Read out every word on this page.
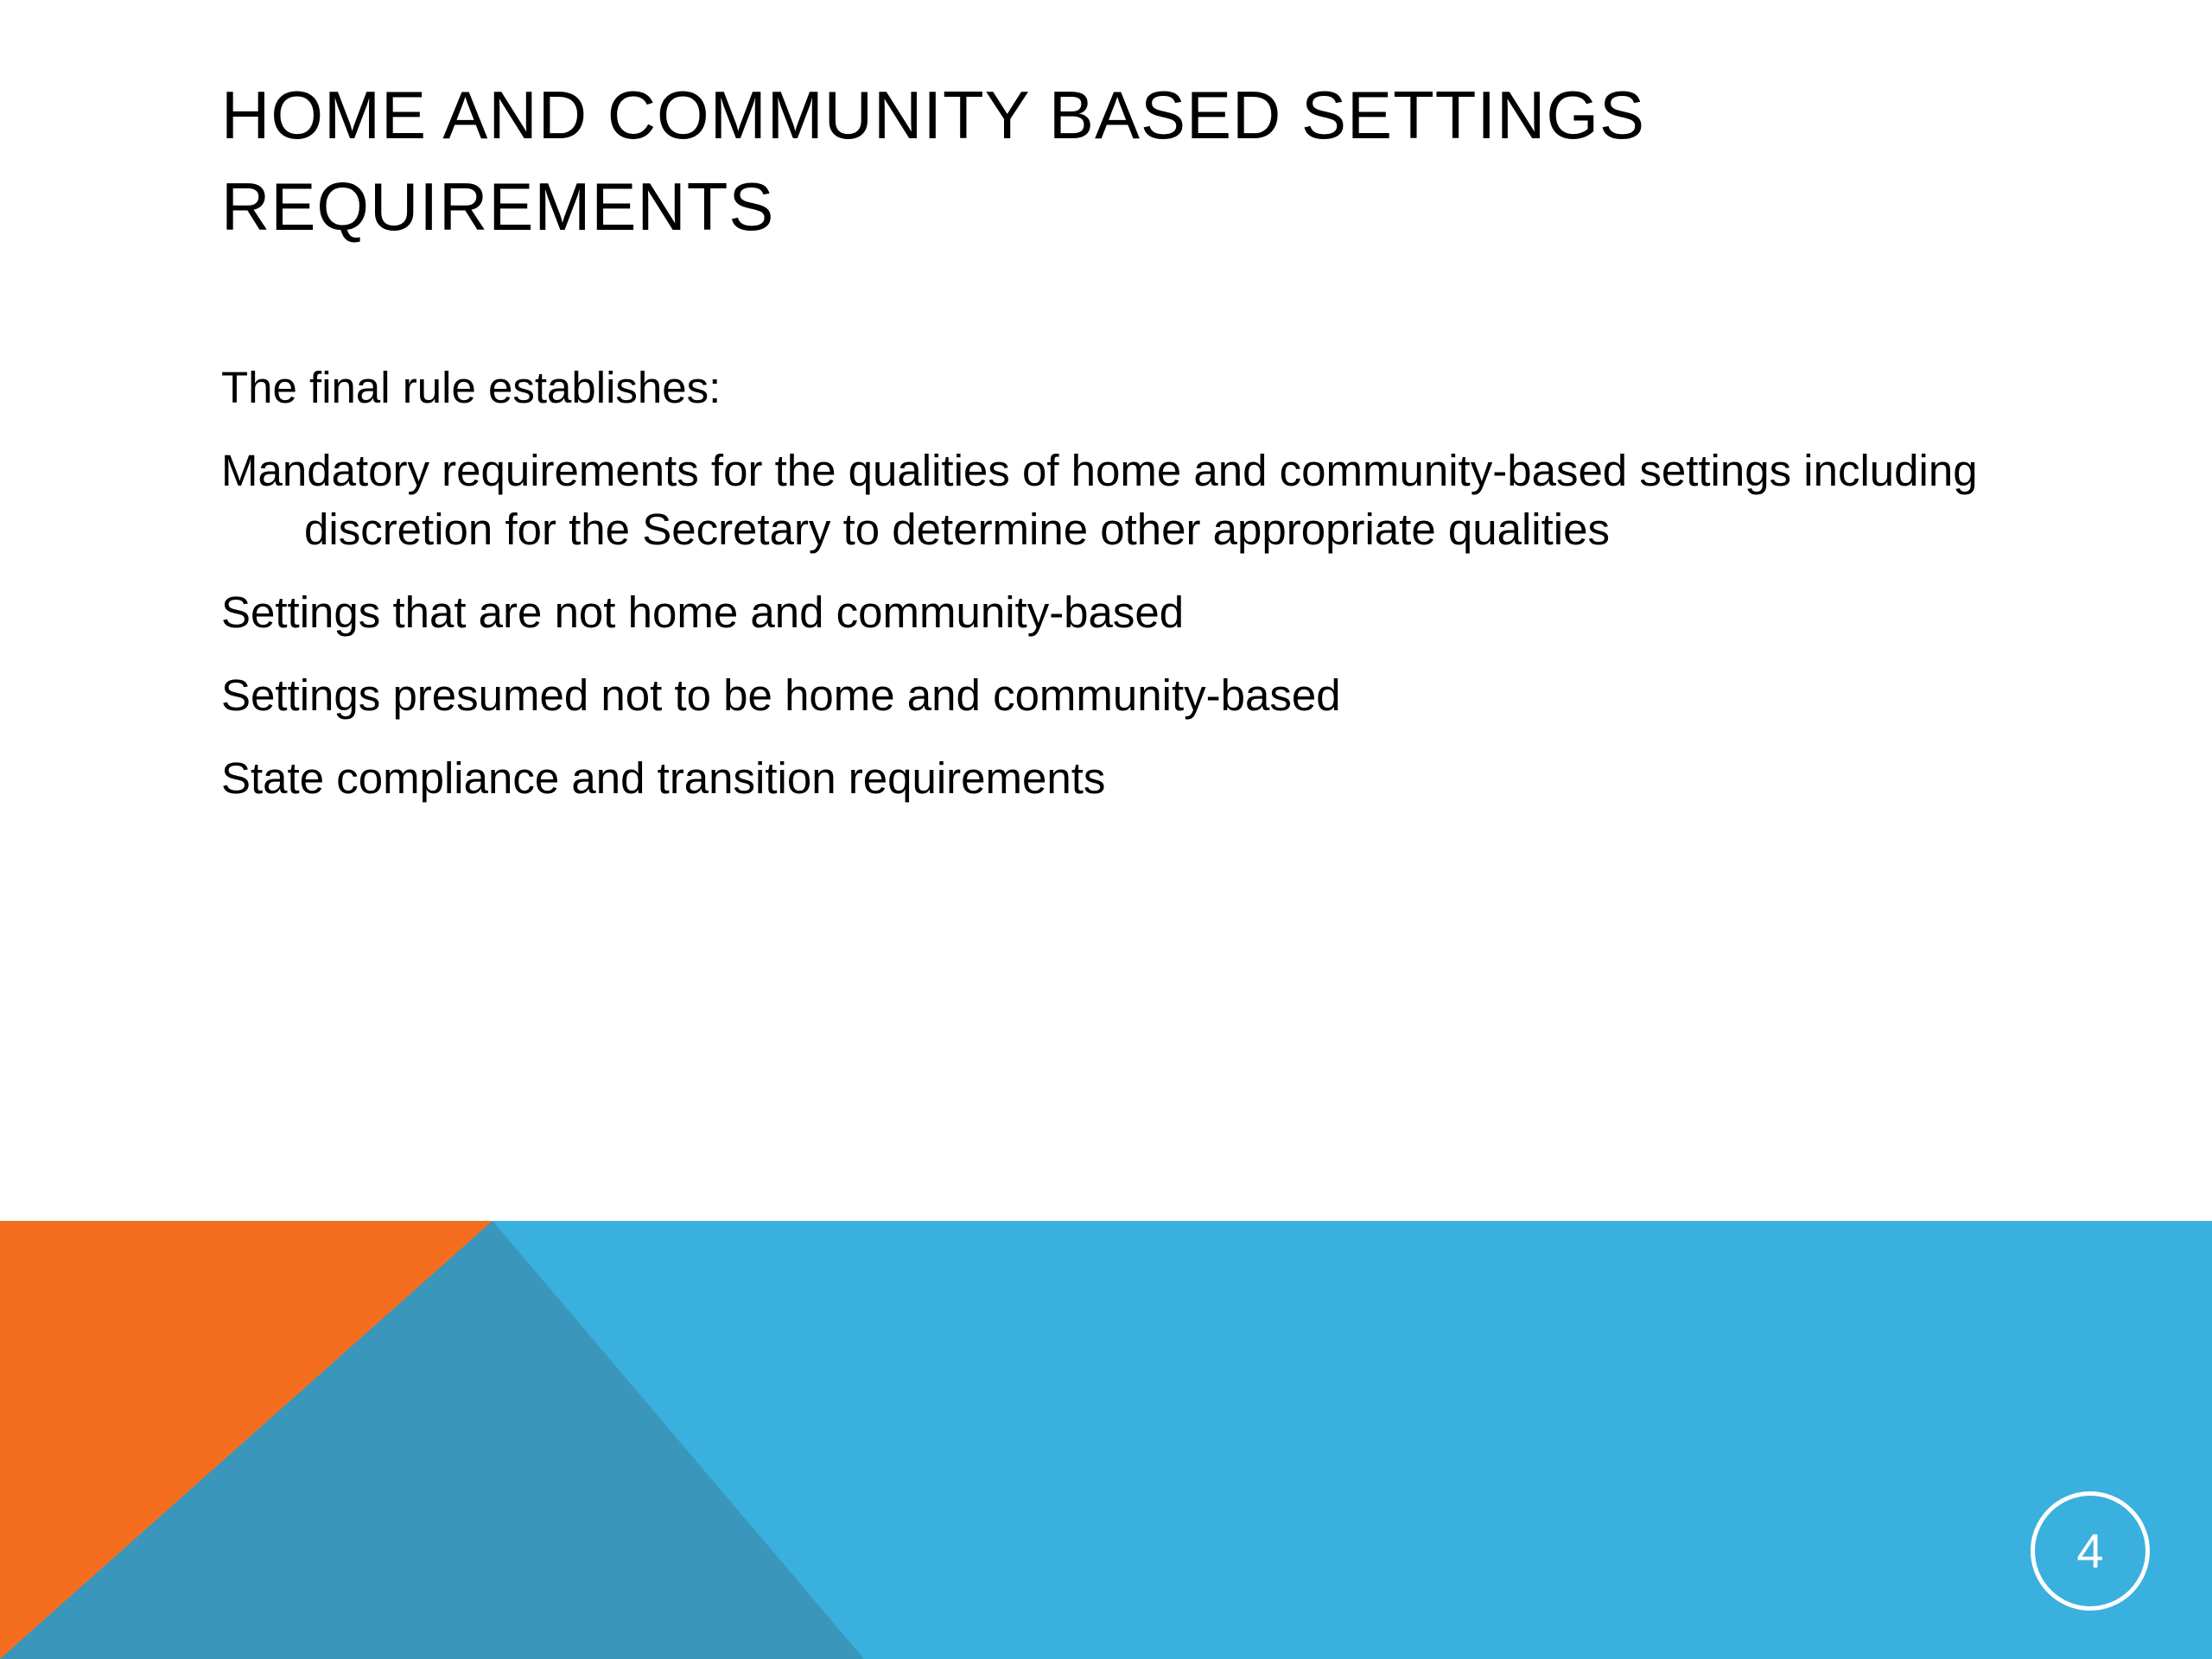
HOME AND COMMUNITY BASED SETTINGS REQUIREMENTS
The final rule establishes:
Mandatory requirements for the qualities of home and community-based settings including discretion for the Secretary to determine other appropriate qualities
Settings that are not home and community-based
Settings presumed not to be home and community-based
State compliance and transition requirements
4
